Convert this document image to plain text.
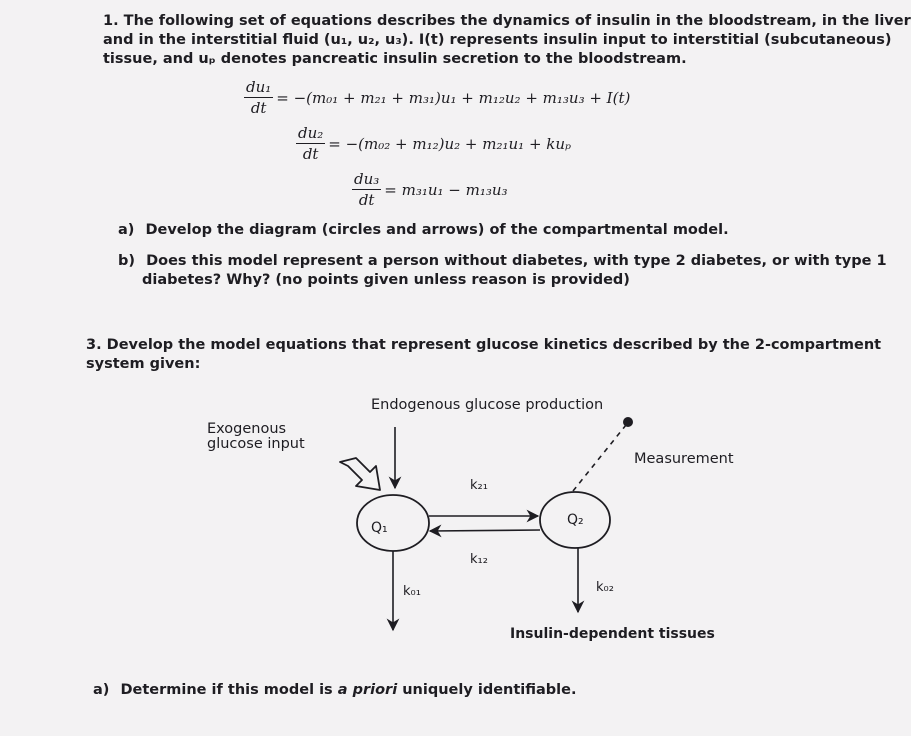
1. The following set of equations describes the dynamics of insulin in the bloodstream, in the liver
and in the interstitial fluid (u₁, u₂, u₃). I(t) represents insulin input to interstitial (subcutaneous)
tissue, and uₚ denotes pancreatic insulin secretion to the bloodstream.
$\frac{\text{du₁}}{dt} = -(m_{01} + m_{21} + m_{31})u_1 + m_{12}u_2 + m_{13}u_3 + I(t)$
$\frac{\text{du₂}}{dt} = -(m_{02} + m_{12})u_2 + m_{21}u_1 + ku_p$
$\frac{\text{du₃}}{dt} = m_{31}u_1 - m_{13}u_3$
a) Develop the diagram (circles and arrows) of the compartmental model.
b) Does this model represent a person without diabetes, with type 2 diabetes, or with type 1
diabetes? Why? (no points given unless reason is provided)
3. Develop the model equations that represent glucose kinetics described by the 2-compartment
system given:
Endogenous glucose production
Exogenous
glucose input
Measurement
Q₁	Q₂
k₂₁
k₁₂
k₀₁	k₀₂
Insulin-dependent tissues
a) Determine if this model is a priori uniquely identifiable.
